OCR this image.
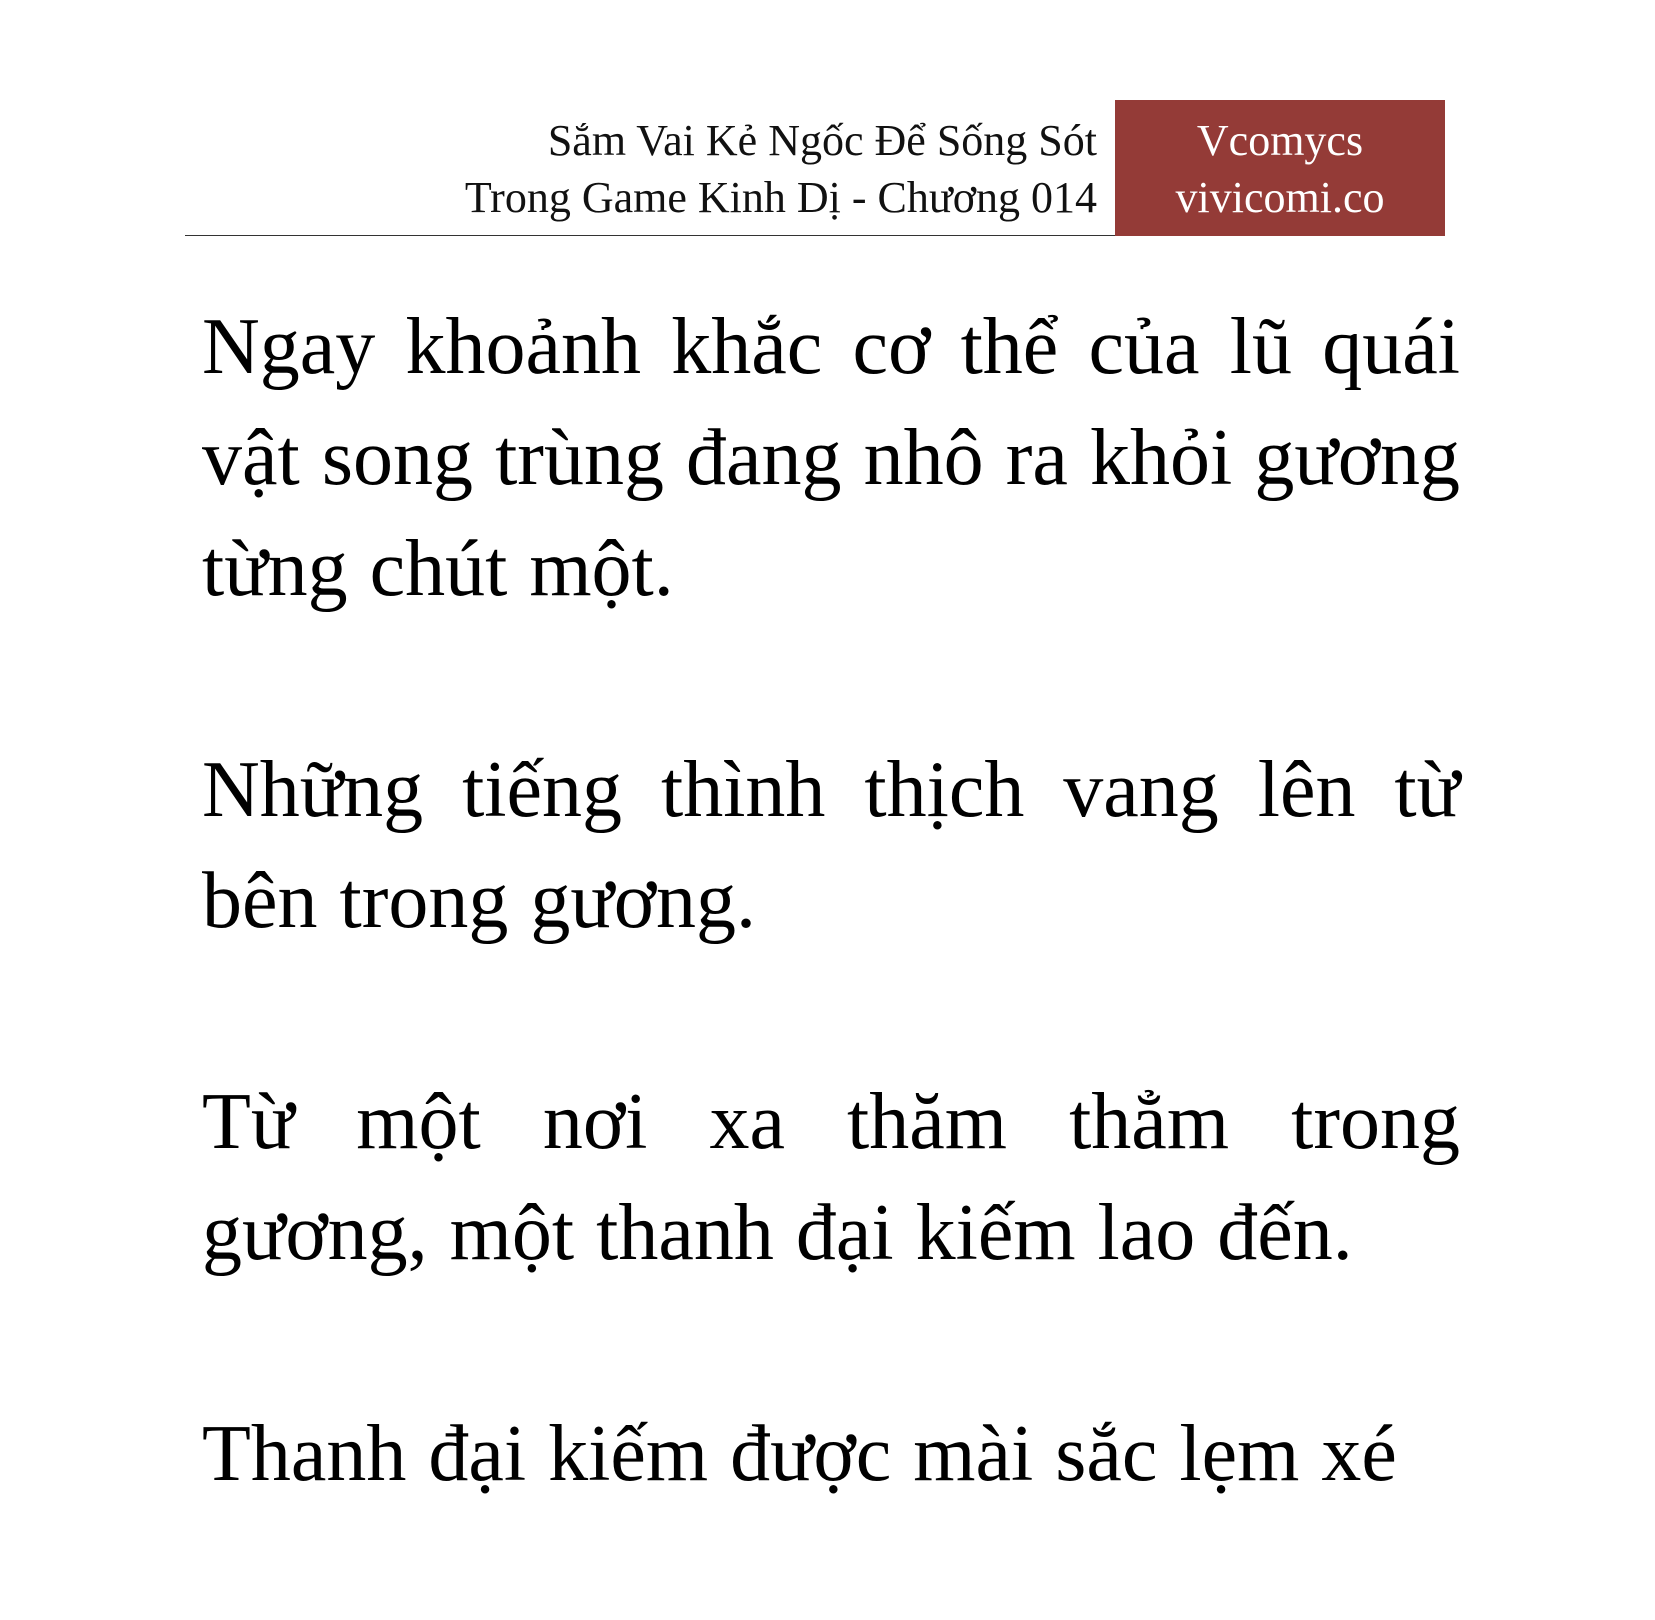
Sắm Vai Kẻ Ngốc Để Sống Sót
Trong Game Kinh Dị - Chương 014
Vcomycs
vivicomi.co

Ngay khoảnh khắc cơ thể của lũ quái vật song trùng đang nhô ra khỏi gương từng chút một.

Những tiếng thình thịch vang lên từ bên trong gương.

Từ một nơi xa thăm thẳm trong gương, một thanh đại kiếm lao đến.

Thanh đại kiếm được mài sắc lẹm xé
